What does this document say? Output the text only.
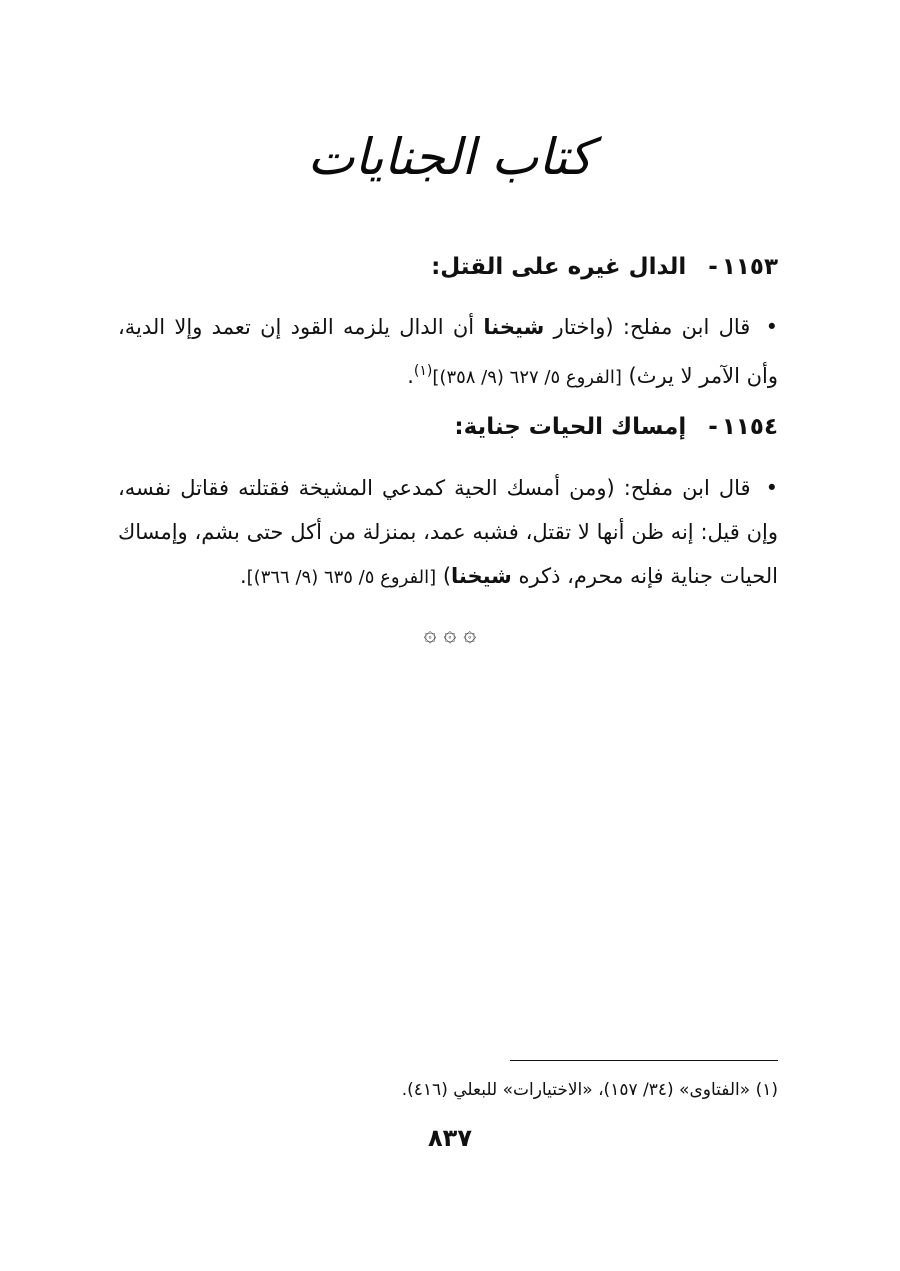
كتاب الجنايات
١١٥٣-الدال غيره على القتل:
• قال ابن مفلح: (واختار شيخنا أن الدال يلزمه القود إن تعمد وإلا الدية، وأن الآمر لا يرث) [الفروع ٥/ ٦٢٧ (٩/ ٣٥٨)]$^{(١)}$.
١١٥٤-إمساك الحيات جناية:
• قال ابن مفلح: (ومن أمسك الحية كمدعي المشيخة فقتلته فقاتل نفسه، وإن قيل: إنه ظن أنها لا تقتل، فشبه عمد، بمنزلة من أكل حتى بشم، وإمساك الحيات جناية فإنه محرم، ذكره شيخنا) [الفروع ٥/ ٦٣٥ (٩/ ٣٦٦)].
۞ ۞ ۞
(١) «الفتاوى» (٣٤/ ١٥٧)، «الاختيارات» للبعلي (٤١٦).
٨٣٧
